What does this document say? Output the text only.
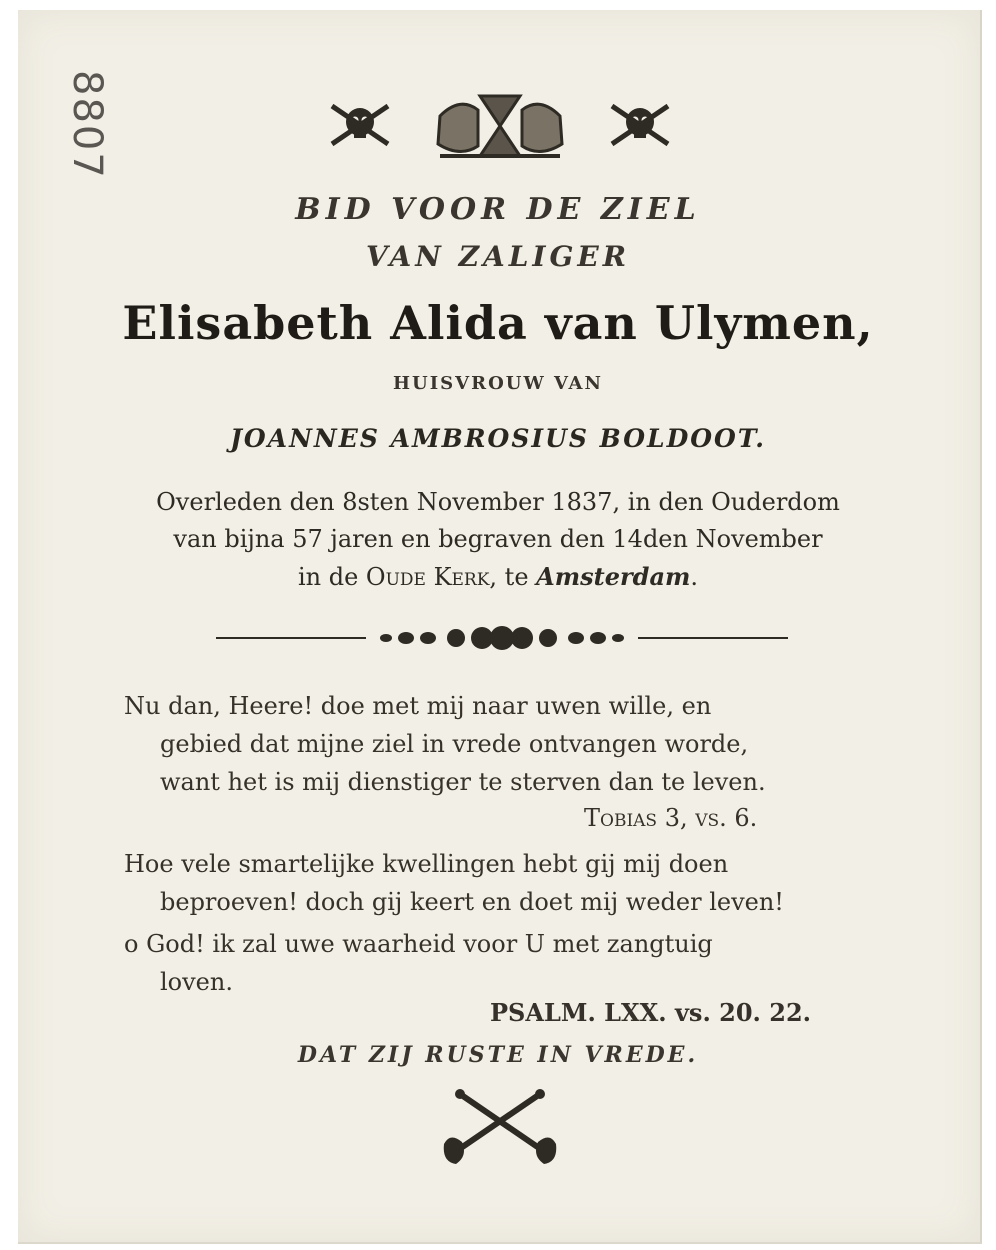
8807
BID VOOR DE ZIEL
VAN ZALIGER
Elisabeth Alida van Ulymen,
HUISVROUW VAN
JOANNES AMBROSIUS BOLDOOT.
Overleden den 8sten November 1837, in den Ouderdom
van bijna 57 jaren en begraven den 14den November
in de Oude Kerk, te Amsterdam.
Nu dan, Heere! doe met mij naar uwen wille, en
gebied dat mijne ziel in vrede ontvangen worde,
want het is mij dienstiger te sterven dan te leven.
Tobias 3, vs. 6.
Hoe vele smartelijke kwellingen hebt gij mij doen
beproeven! doch gij keert en doet mij weder leven!
o God! ik zal uwe waarheid voor U met zangtuig
loven.
PSALM. LXX. vs. 20. 22.
DAT ZIJ RUSTE IN VREDE.
